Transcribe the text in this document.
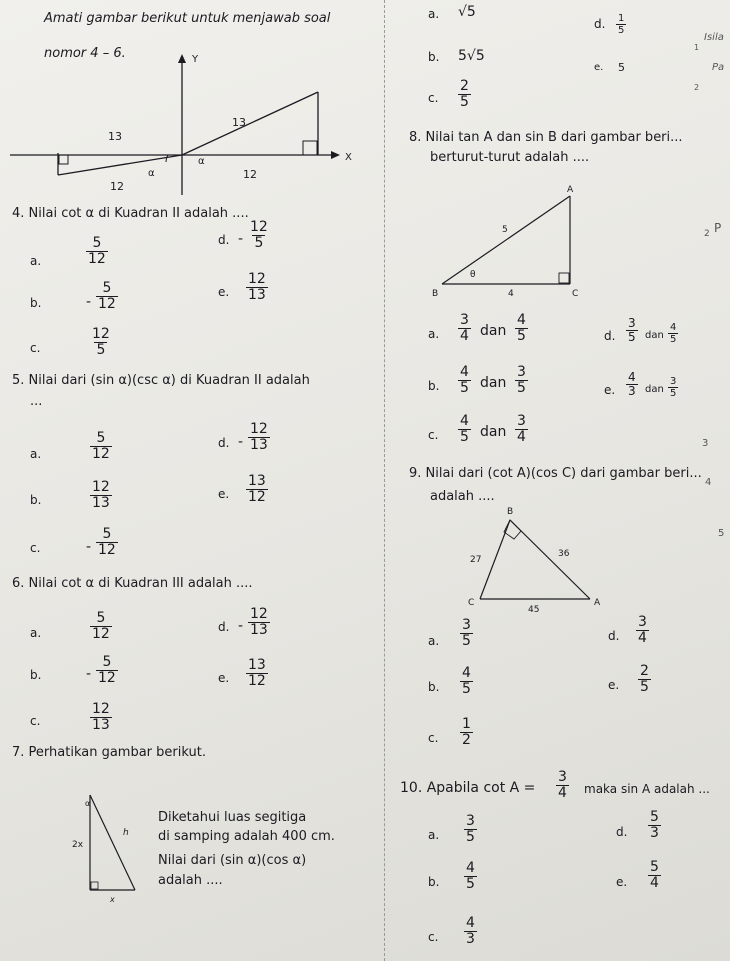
Amati gambar berikut untuk menjawab soal
nomor 4 – 6.	Y
X
13
12
13
12
α
α
4. Nilai cot α di Kuadran II adalah ....
a.	$\frac{5}{12}$
b.	- $\frac{5}{12}$
c.	$\frac{12}{5}$
d. - $\frac{12}{5}$
e. $\frac{12}{13}$
5. Nilai dari (sin α)(csc α) di Kuadran II adalah
...
a.	$\frac{5}{12}$
b.	$\frac{12}{13}$
c.	- $\frac{5}{12}$
d. - $\frac{12}{13}$
e. $\frac{13}{12}$
6. Nilai cot α di Kuadran III adalah ....
a.	$\frac{5}{12}$
b.	- $\frac{5}{12}$
c.	$\frac{12}{13}$
d. - $\frac{12}{13}$
e. $\frac{13}{12}$
7. Perhatikan gambar berikut.
α
2x
h
x
Diketahui luas segitiga
di samping adalah 400 cm.
Nilai dari (sin α)(cos α)
adalah ....
a. √5
b. 5√5
c. $\frac{2}{5}$
d. $\frac{1}{5}$
e. 5
8. Nilai tan A dan sin B dari gambar beri...
berturut-turut adalah ....
A
B	C
5
4
θ
a. $\frac{3}{4}$ dan $\frac{4}{5}$
b. $\frac{4}{5}$ dan $\frac{3}{5}$
c. $\frac{4}{5}$ dan $\frac{3}{4}$
d. $\frac{3}{5}$ dan $\frac{4}{5}$
e. $\frac{4}{3}$ dan $\frac{3}{5}$
9. Nilai dari (cot A)(cos C) dari gambar beri...
adalah ....
B
C	A
27
36
45
a. $\frac{3}{5}$
b. $\frac{4}{5}$
c. $\frac{1}{2}$
d. $\frac{3}{4}$
e. $\frac{2}{5}$
10. Apabila $\cot A = \frac{3}{4}$ maka sin A adalah ...
a. $\frac{3}{5}$
b. $\frac{4}{5}$
c. $\frac{4}{3}$
d. $\frac{5}{3}$
e. $\frac{5}{4}$
Isila
Pa
1
2
2 P
3
4
5
